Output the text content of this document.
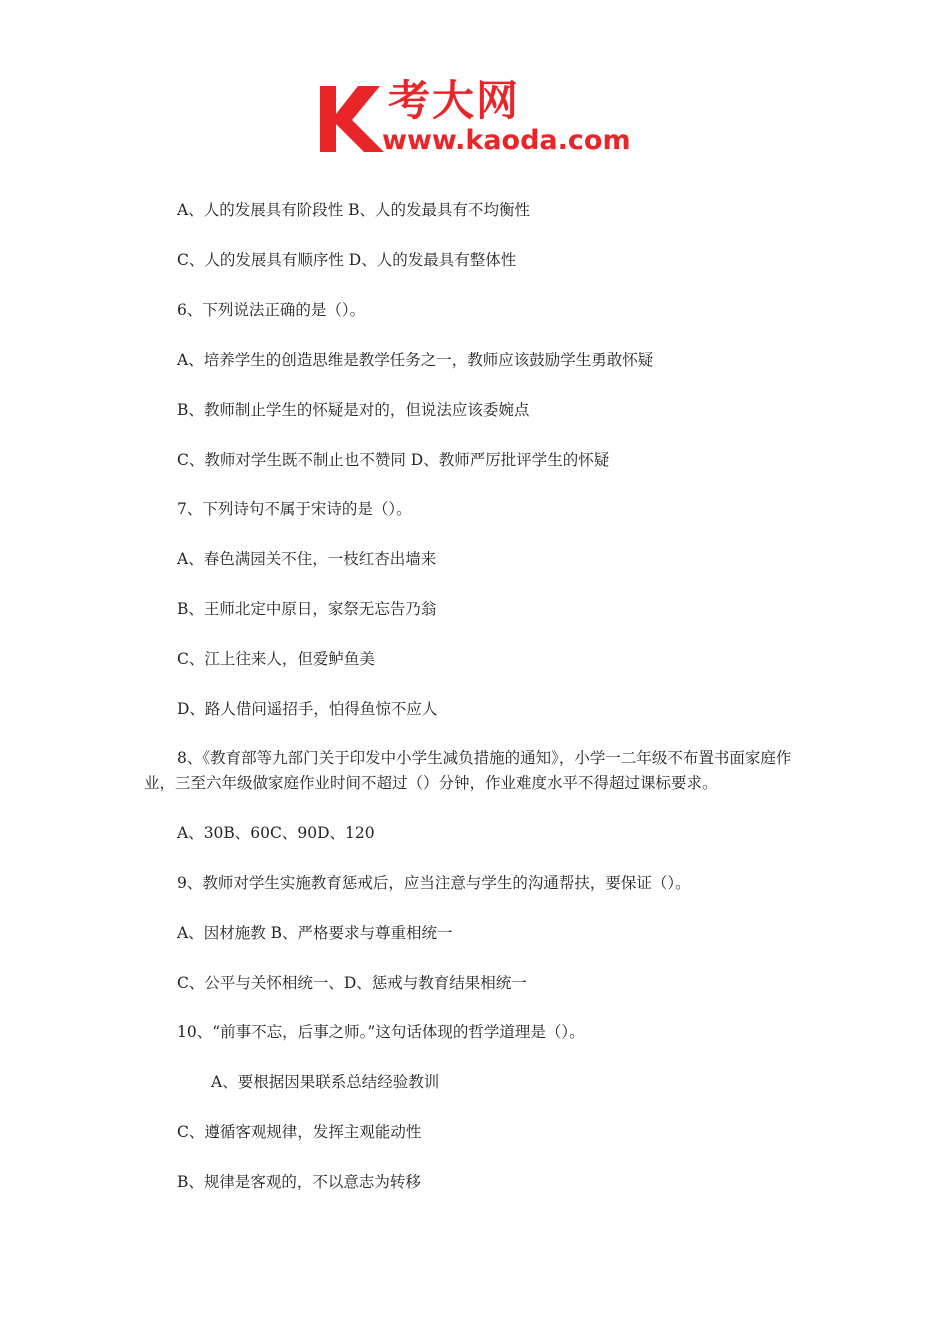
考大网
www.kaoda.com
A、人的发展具有阶段性 B、人的发最具有不均衡性
C、人的发展具有顺序性 D、人的发最具有整体性
6、下列说法正确的是（）。
A、培养学生的创造思维是教学任务之一，教师应该鼓励学生勇敢怀疑
B、教师制止学生的怀疑是对的，但说法应该委婉点
C、教师对学生既不制止也不赞同 D、教师严厉批评学生的怀疑
7、下列诗句不属于宋诗的是（）。
A、春色满园关不住，一枝红杏出墙来
B、王师北定中原日，家祭无忘告乃翁
C、江上往来人，但爱鲈鱼美
D、路人借问遥招手，怕得鱼惊不应人
8、《教育部等九部门关于印发中小学生减负措施的通知》，小学一二年级不布置书面家庭作业，三至六年级做家庭作业时间不超过（）分钟，作业难度水平不得超过课标要求。
A、30B、60C、90D、120
9、教师对学生实施教育惩戒后，应当注意与学生的沟通帮扶，要保证（）。
A、因材施教 B、严格要求与尊重相统一
C、公平与关怀相统一、D、惩戒与教育结果相统一
10、“前事不忘，后事之师。”这句话体现的哲学道理是（）。
A、要根据因果联系总结经验教训
C、遵循客观规律，发挥主观能动性
B、规律是客观的，不以意志为转移
